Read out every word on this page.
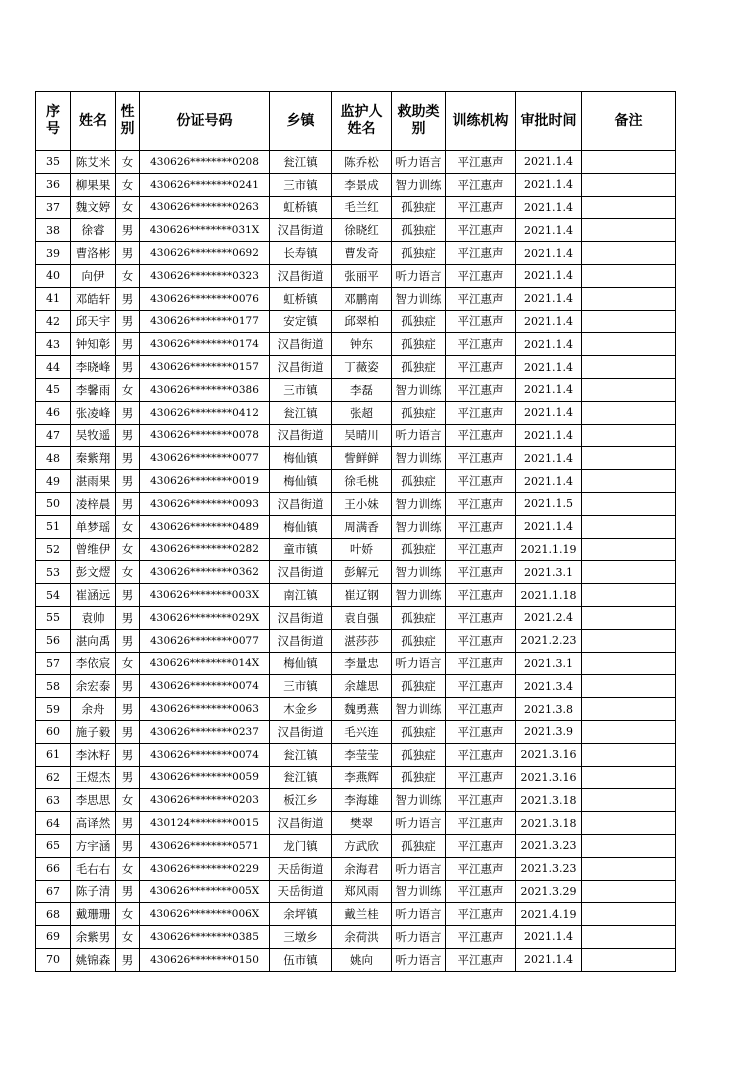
序号	姓名	性别	份证号码	乡镇	监护人姓名	救助类别	训练机构	审批时间	备注
35	陈艾米	女	430626********0208	瓮江镇	陈乔松	听力语言	平江惠声	2021.1.4	
36	柳果果	女	430626********0241	三市镇	李景成	智力训练	平江惠声	2021.1.4	
37	魏文婷	女	430626********0263	虹桥镇	毛兰红	孤独症	平江惠声	2021.1.4	
38	徐睿	男	430626********031X	汉昌街道	徐晓红	孤独症	平江惠声	2021.1.4	
39	曹洛彬	男	430626********0692	长寿镇	曹发奇	孤独症	平江惠声	2021.1.4	
40	向伊	女	430626********0323	汉昌街道	张丽平	听力语言	平江惠声	2021.1.4	
41	邓皓轩	男	430626********0076	虹桥镇	邓鹏南	智力训练	平江惠声	2021.1.4	
42	邱天宇	男	430626********0177	安定镇	邱翠柏	孤独症	平江惠声	2021.1.4	
43	钟知彰	男	430626********0174	汉昌街道	钟东	孤独症	平江惠声	2021.1.4	
44	李晓峰	男	430626********0157	汉昌街道	丁薇姿	孤独症	平江惠声	2021.1.4	
45	李馨雨	女	430626********0386	三市镇	李磊	智力训练	平江惠声	2021.1.4	
46	张凌峰	男	430626********0412	瓮江镇	张超	孤独症	平江惠声	2021.1.4	
47	吴牧遥	男	430626********0078	汉昌街道	吴晴川	听力语言	平江惠声	2021.1.4	
48	秦紫翔	男	430626********0077	梅仙镇	訾鲜鲜	智力训练	平江惠声	2021.1.4	
49	湛雨果	男	430626********0019	梅仙镇	徐毛桃	孤独症	平江惠声	2021.1.4	
50	凌梓晨	男	430626********0093	汉昌街道	王小妹	智力训练	平江惠声	2021.1.5	
51	单梦瑶	女	430626********0489	梅仙镇	周满香	智力训练	平江惠声	2021.1.4	
52	曾维伊	女	430626********0282	童市镇	叶娇	孤独症	平江惠声	2021.1.19	
53	彭文熤	女	430626********0362	汉昌街道	彭解元	智力训练	平江惠声	2021.3.1	
54	崔涵远	男	430626********003X	南江镇	崔辽钢	智力训练	平江惠声	2021.1.18	
55	袁帅	男	430626********029X	汉昌街道	袁自强	孤独症	平江惠声	2021.2.4	
56	湛向禹	男	430626********0077	汉昌街道	湛莎莎	孤独症	平江惠声	2021.2.23	
57	李依宸	女	430626********014X	梅仙镇	李量忠	听力语言	平江惠声	2021.3.1	
58	余宏泰	男	430626********0074	三市镇	余雄思	孤独症	平江惠声	2021.3.4	
59	余舟	男	430626********0063	木金乡	魏勇燕	智力训练	平江惠声	2021.3.8	
60	施子毅	男	430626********0237	汉昌街道	毛兴连	孤独症	平江惠声	2021.3.9	
61	李沐籽	男	430626********0074	瓮江镇	李莹莹	孤独症	平江惠声	2021.3.16	
62	王煜杰	男	430626********0059	瓮江镇	李燕辉	孤独症	平江惠声	2021.3.16	
63	李思思	女	430626********0203	板江乡	李海雄	智力训练	平江惠声	2021.3.18	
64	高译然	男	430124********0015	汉昌街道	樊翠	听力语言	平江惠声	2021.3.18	
65	方宇涵	男	430626********0571	龙门镇	方武欣	孤独症	平江惠声	2021.3.23	
66	毛右右	女	430626********0229	天岳街道	余海君	听力语言	平江惠声	2021.3.23	
67	陈子清	男	430626********005X	天岳街道	郑风雨	智力训练	平江惠声	2021.3.29	
68	戴珊珊	女	430626********006X	余坪镇	戴兰桂	听力语言	平江惠声	2021.4.19	
69	余紫男	女	430626********0385	三墩乡	余荷洪	听力语言	平江惠声	2021.1.4	
70	姚锦森	男	430626********0150	伍市镇	姚向	听力语言	平江惠声	2021.1.4	
